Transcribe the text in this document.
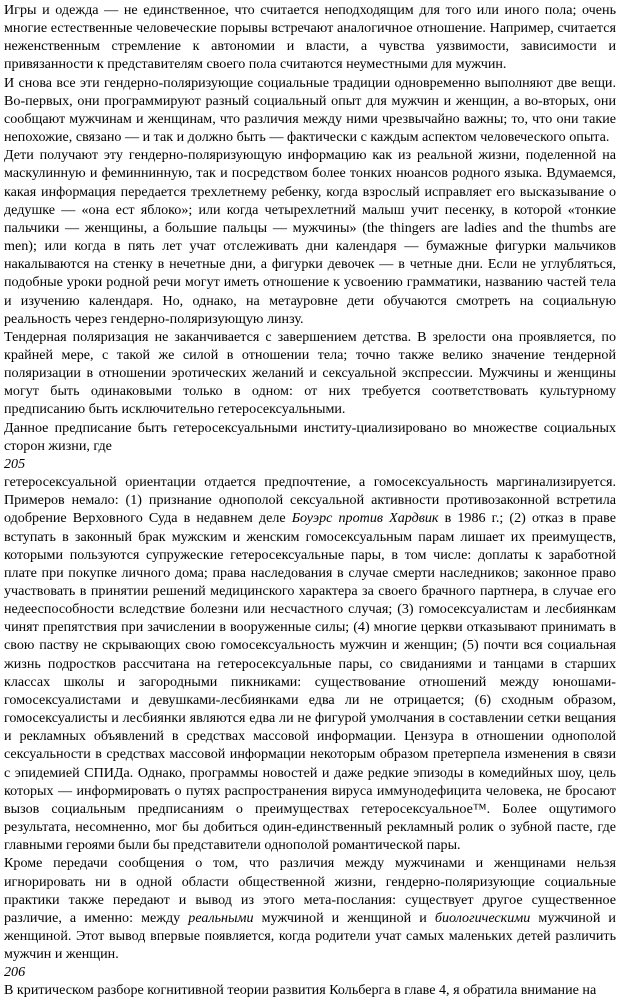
Игры и одежда — не единственное, что считается неподходящим для того или иного пола; очень многие естественные человеческие порывы встречают аналогичное отношение. Например, считается неженственным стремление к автономии и власти, а чувства уязвимости, зависимости и привязанности к представителям своего пола считаются неуместными для мужчин.

И снова все эти гендерно-поляризующие социальные традиции одновременно выполняют две вещи. Во-первых, они программируют разный социальный опыт для мужчин и женщин, а во-вторых, они сообщают мужчинам и женщинам, что различия между ними чрезвычайно важны; то, что они такие непохожие, связано — и так и должно быть — фактически с каждым аспектом человеческого опыта.

Дети получают эту гендерно-поляризующую информацию как из реальной жизни, поделенной на маскулинную и феминнинную, так и посредством более тонких нюансов родного языка. Вдумаемся, какая информация передается трехлетнему ребенку, когда взрослый исправляет его высказывание о дедушке — «она ест яблоко»; или когда четырехлетний малыш учит песенку, в которой «тонкие пальчики — женщины, а большие пальцы — мужчины» (the thingers are ladies and the thumbs are men); или когда в пять лет учат отслеживать дни календаря — бумажные фигурки мальчиков накалываются на стенку в нечетные дни, а фигурки девочек — в четные дни. Если не углубляться, подобные уроки родной речи могут иметь отношение к усвоению грамматики, названию частей тела и изучению календаря. Но, однако, на метауровне дети обучаются смотреть на социальную реальность через гендерно-поляризующую линзу.

Тендерная поляризация не заканчивается с завершением детства. В зрелости она проявляется, по крайней мере, с такой же силой в отношении тела; точно также велико значение тендерной поляризации в отношении эротических желаний и сексуальной экспрессии. Мужчины и женщины могут быть одинаковыми только в одном: от них требуется соответствовать культурному предписанию быть исключительно гетеросексуальными.

Данное предписание быть гетеросексуальными институ-циализировано во множестве социальных сторон жизни, где

205

гетеросексуальной ориентации отдается предпочтение, а гомосексуальность маргинализируется. Примеров немало: (1) признание однополой сексуальной активности противозаконной встретила одобрение Верховного Суда в недавнем деле Боуэрс против Хардвик в 1986 г.; (2) отказ в праве вступать в законный брак мужским и женским гомосексуальным парам лишает их преимуществ, которыми пользуются супружеские гетеросексуальные пары, в том числе: доплаты к заработной плате при покупке личного дома; права наследования в случае смерти наследников; законное право участвовать в принятии решений медицинского характера за своего брачного партнера, в случае его недееспособности вследствие болезни или несчастного случая; (3) гомосексуалистам и лесбиянкам чинят препятствия при зачислении в вооруженные силы; (4) многие церкви отказывают принимать в свою паству не скрывающих свою гомосексуальность мужчин и женщин; (5) почти вся социальная жизнь подростков рассчитана на гетеросексуальные пары, со свиданиями и танцами в старших классах школы и загородными пикниками: существование отношений между юношами-гомосексуалистами и девушками-лесбиянками едва ли не отрицается; (6) сходным образом, гомосексуалисты и лесбиянки являются едва ли не фигурой умолчания в составлении сетки вещания и рекламных объявлений в средствах массовой информации. Цензура в отношении однополой сексуальности в средствах массовой информации некоторым образом претерпела изменения в связи с эпидемией СПИДа. Однако, программы новостей и даже редкие эпизоды в комедийных шоу, цель которых — информировать о путях распространения вируса иммунодефицита человека, не бросают вызов социальным предписаниям о преимуществах гетеросексуальное™. Более ощутимого результата, несомненно, мог бы добиться один-единственный рекламный ролик о зубной пасте, где главными героями были бы представители однополой романтической пары.

Кроме передачи сообщения о том, что различия между мужчинами и женщинами нельзя игнорировать ни в одной области общественной жизни, гендерно-поляризующие социальные практики также передают и вывод из этого мета-послания: существует другое существенное различие, а именно: между реальными мужчиной и женщиной и биологическими мужчиной и женщиной. Этот вывод впервые появляется, когда родители учат самых маленьких детей различить мужчин и женщин.

206

В критическом разборе когнитивной теории развития Кольберга в главе 4, я обратила внимание на
